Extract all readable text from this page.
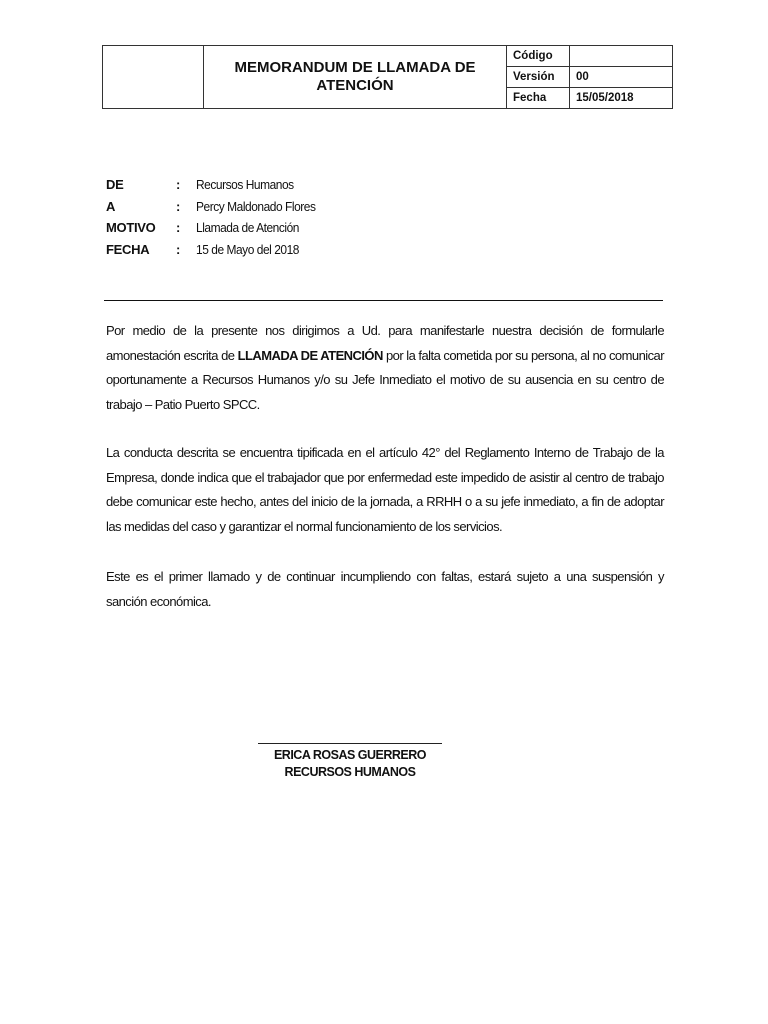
	MEMORANDUM DE LLAMADA DE
ATENCIÓN	Código	
		Versión	00
		Fecha	15/05/2018
DE	:	Recursos Humanos
A	:	Percy Maldonado Flores
MOTIVO	:	Llamada de Atención
FECHA	:	15 de Mayo del 2018
Por medio de la presente nos dirigimos a Ud. para manifestarle nuestra decisión de formularle amonestación escrita de LLAMADA DE ATENCIÓN por la falta cometida por su persona, al no comunicar oportunamente a Recursos Humanos y/o su Jefe Inmediato el motivo de su ausencia en su centro de trabajo – Patio Puerto SPCC.
La conducta descrita se encuentra tipificada en el artículo 42° del Reglamento Interno de Trabajo de la Empresa, donde indica que el trabajador que por enfermedad este impedido de asistir al centro de trabajo debe comunicar este hecho, antes del inicio de la jornada, a RRHH o a su jefe inmediato, a fin de adoptar las medidas del caso y garantizar el normal funcionamiento de los servicios.
Este es el primer llamado y de continuar incumpliendo con faltas, estará sujeto a una suspensión y sanción económica.
ERICA ROSAS GUERRERO
RECURSOS HUMANOS
